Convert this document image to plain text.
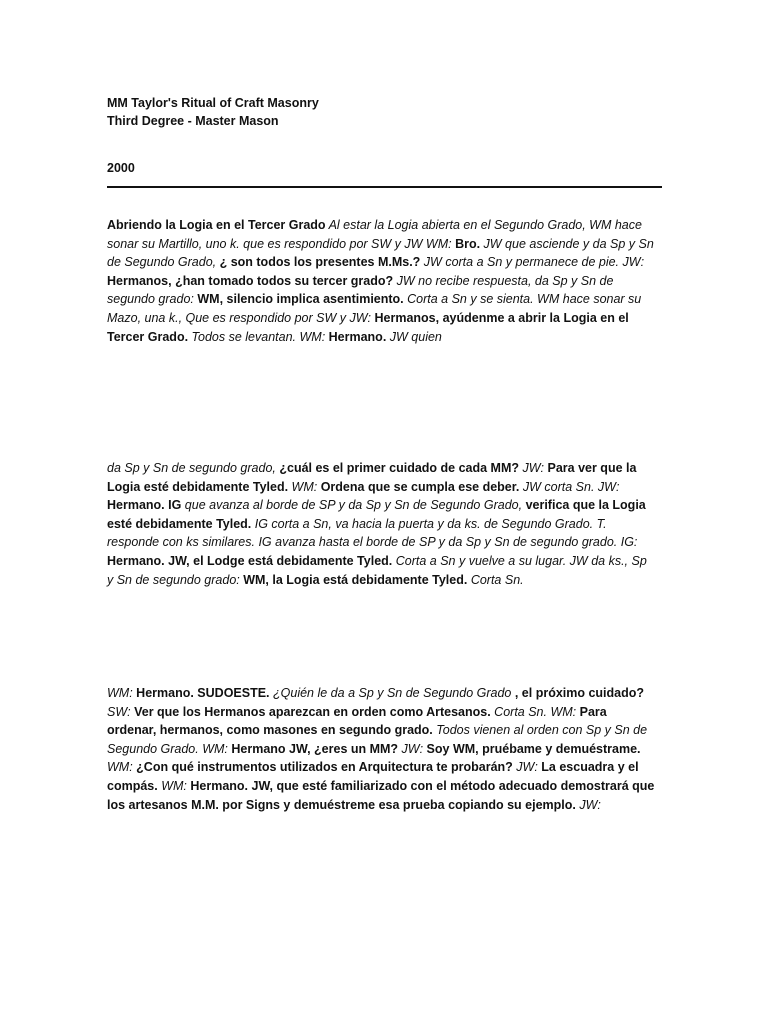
MM Taylor's Ritual of Craft Masonry
Third Degree - Master Mason
2000
Abriendo la Logia en el Tercer Grado Al estar la Logia abierta en el Segundo Grado, WM hace sonar su Martillo, uno k. que es respondido por SW y JW WM: Bro. JW que asciende y da Sp y Sn de Segundo Grado, ¿ son todos los presentes M.Ms.? JW corta a Sn y permanece de pie. JW: Hermanos, ¿han tomado todos su tercer grado? JW no recibe respuesta, da Sp y Sn de segundo grado: WM, silencio implica asentimiento. Corta a Sn y se sienta. WM hace sonar su Mazo, una k., Que es respondido por SW y JW: Hermanos, ayúdenme a abrir la Logia en el Tercer Grado. Todos se levantan. WM: Hermano. JW quien
da Sp y Sn de segundo grado, ¿cuál es el primer cuidado de cada MM? JW: Para ver que la Logia esté debidamente Tyled. WM: Ordena que se cumpla ese deber. JW corta Sn. JW: Hermano. IG que avanza al borde de SP y da Sp y Sn de Segundo Grado, verifica que la Logia esté debidamente Tyled. IG corta a Sn, va hacia la puerta y da ks. de Segundo Grado. T. responde con ks similares. IG avanza hasta el borde de SP y da Sp y Sn de segundo grado. IG: Hermano. JW, el Lodge está debidamente Tyled. Corta a Sn y vuelve a su lugar. JW da ks., Sp y Sn de segundo grado: WM, la Logia está debidamente Tyled. Corta Sn.
WM: Hermano. SUDOESTE. ¿Quién le da a Sp y Sn de Segundo Grado , el próximo cuidado? SW: Ver que los Hermanos aparezcan en orden como Artesanos. Corta Sn. WM: Para ordenar, hermanos, como masones en segundo grado. Todos vienen al orden con Sp y Sn de Segundo Grado. WM: Hermano JW, ¿eres un MM? JW: Soy WM, pruébame y demuéstrame. WM: ¿Con qué instrumentos utilizados en Arquitectura te probarán? JW: La escuadra y el compás. WM: Hermano. JW, que esté familiarizado con el método adecuado demostrará que los artesanos M.M. por Signs y demuéstreme esa prueba copiando su ejemplo. JW:
